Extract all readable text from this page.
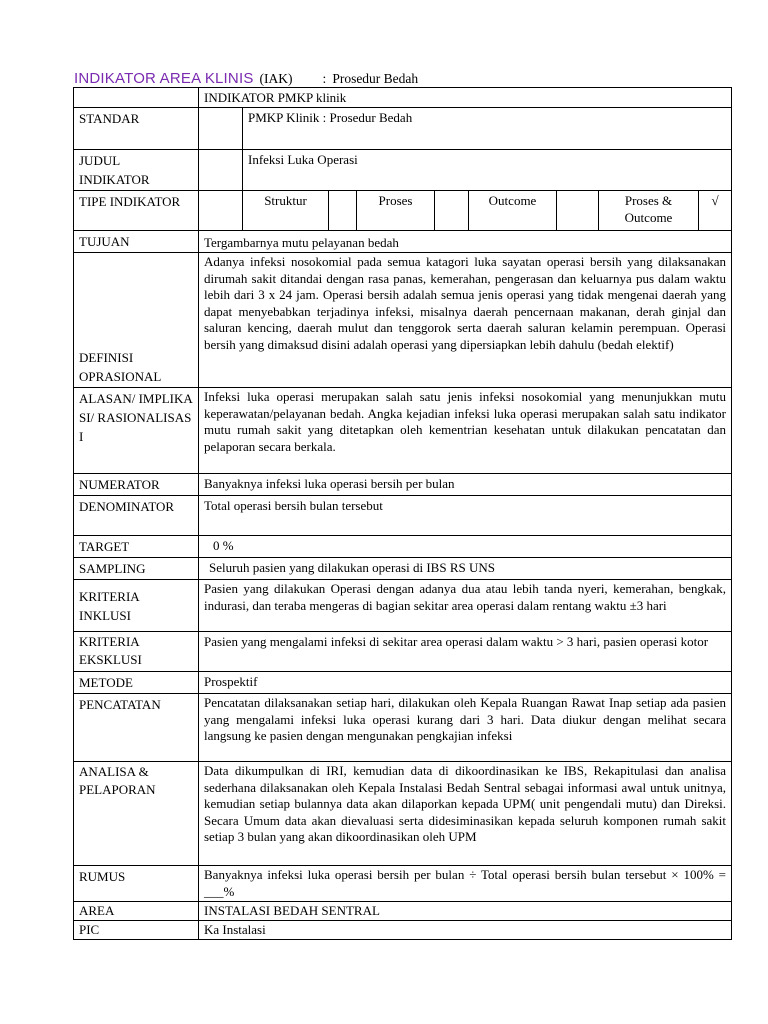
INDIKATOR AREA KLINIS (IAK) : Prosedur Bedah
	INDIKATOR PMKP klinik								
STANDAR		PMKP Klinik : Prosedur Bedah							
JUDUL INDIKATOR		Infeksi Luka Operasi							
TIPE INDIKATOR		Struktur		Proses		Outcome		Proses & Outcome	√
TUJUAN	Tergambarnya mutu pelayanan bedah								
DEFINISI OPRASIONAL	Adanya infeksi nosokomial pada semua katagori luka sayatan operasi bersih yang dilaksanakan dirumah sakit ditandai dengan rasa panas, kemerahan, pengerasan dan keluarnya pus dalam waktu lebih dari 3 x 24 jam. Operasi bersih adalah semua jenis operasi yang tidak mengenai daerah yang dapat menyebabkan terjadinya infeksi, misalnya daerah pencernaan makanan, derah ginjal dan saluran kencing, daerah mulut dan tenggorok serta daerah saluran kelamin perempuan. Operasi bersih yang dimaksud disini adalah operasi yang dipersiapkan lebih dahulu (bedah elektif)								
ALASAN/ IMPLIKASI/ RASIONALISASI	Infeksi luka operasi merupakan salah satu jenis infeksi nosokomial yang menunjukkan mutu keperawatan/pelayanan bedah. Angka kejadian infeksi luka operasi merupakan salah satu indikator mutu rumah sakit yang ditetapkan oleh kementrian kesehatan untuk dilakukan pencatatan dan pelaporan secara berkala.								
NUMERATOR	Banyaknya infeksi luka operasi bersih per bulan								
DENOMINATOR	Total operasi bersih bulan tersebut								
TARGET	0 %								
SAMPLING	Seluruh pasien yang dilakukan operasi di IBS RS UNS								
KRITERIA INKLUSI	Pasien yang dilakukan Operasi dengan adanya dua atau lebih tanda nyeri, kemerahan, bengkak, indurasi, dan teraba mengeras di bagian sekitar area operasi dalam rentang waktu ±3 hari								
KRITERIA EKSKLUSI	Pasien yang mengalami infeksi di sekitar area operasi dalam waktu > 3 hari, pasien operasi kotor								
METODE	Prospektif								
PENCATATAN	Pencatatan dilaksanakan setiap hari, dilakukan oleh Kepala Ruangan Rawat Inap setiap ada pasien yang mengalami infeksi luka operasi kurang dari 3 hari. Data diukur dengan melihat secara langsung ke pasien dengan mengunakan pengkajian infeksi								
ANALISA & PELAPORAN	Data dikumpulkan di IRI, kemudian data di dikoordinasikan ke IBS, Rekapitulasi dan analisa sederhana dilaksanakan oleh Kepala Instalasi Bedah Sentral sebagai informasi awal untuk unitnya, kemudian setiap bulannya data akan dilaporkan kepada UPM( unit pengendali mutu) dan Direksi. Secara Umum data akan dievaluasi serta didesiminasikan kepada seluruh komponen rumah sakit setiap 3 bulan yang akan dikoordinasikan oleh UPM								
RUMUS	Banyaknya infeksi luka operasi bersih per bulan ÷ Total operasi bersih bulan tersebut × 100% = ___%								
AREA	INSTALASI BEDAH SENTRAL								
PIC	Ka Instalasi								
